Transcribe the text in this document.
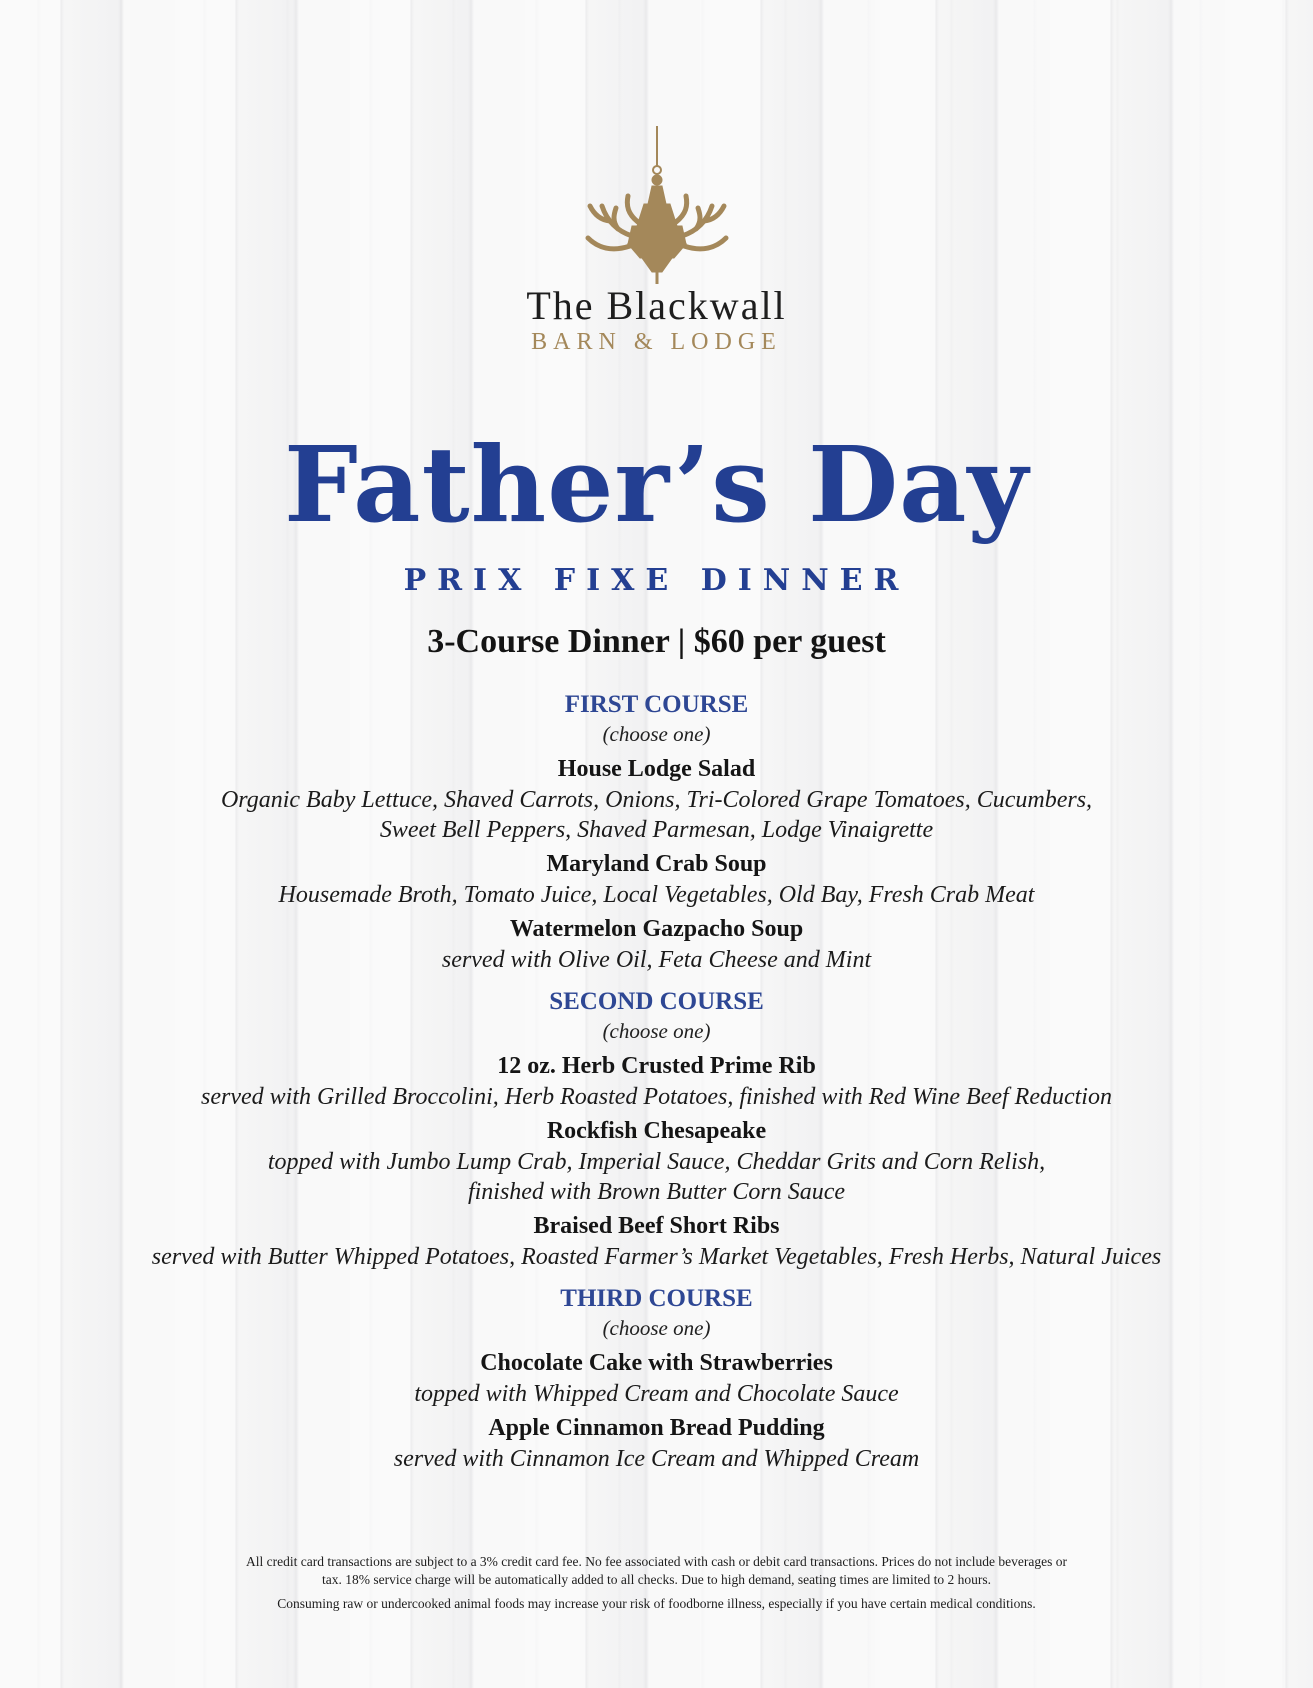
The Blackwall
BARN & LODGE
Father’s Day
PRIX FIXE DINNER
3-Course Dinner | $60 per guest
FIRST COURSE
(choose one)
House Lodge Salad
Organic Baby Lettuce, Shaved Carrots, Onions, Tri-Colored Grape Tomatoes, Cucumbers,
Sweet Bell Peppers, Shaved Parmesan, Lodge Vinaigrette
Maryland Crab Soup
Housemade Broth, Tomato Juice, Local Vegetables, Old Bay, Fresh Crab Meat
Watermelon Gazpacho Soup
served with Olive Oil, Feta Cheese and Mint
SECOND COURSE
(choose one)
12 oz. Herb Crusted Prime Rib
served with Grilled Broccolini, Herb Roasted Potatoes, finished with Red Wine Beef Reduction
Rockfish Chesapeake
topped with Jumbo Lump Crab, Imperial Sauce, Cheddar Grits and Corn Relish,
finished with Brown Butter Corn Sauce
Braised Beef Short Ribs
served with Butter Whipped Potatoes, Roasted Farmer’s Market Vegetables, Fresh Herbs, Natural Juices
THIRD COURSE
(choose one)
Chocolate Cake with Strawberries
topped with Whipped Cream and Chocolate Sauce
Apple Cinnamon Bread Pudding
served with Cinnamon Ice Cream and Whipped Cream
All credit card transactions are subject to a 3% credit card fee. No fee associated with cash or debit card transactions. Prices do not include beverages or
tax. 18% service charge will be automatically added to all checks. Due to high demand, seating times are limited to 2 hours.
Consuming raw or undercooked animal foods may increase your risk of foodborne illness, especially if you have certain medical conditions.
